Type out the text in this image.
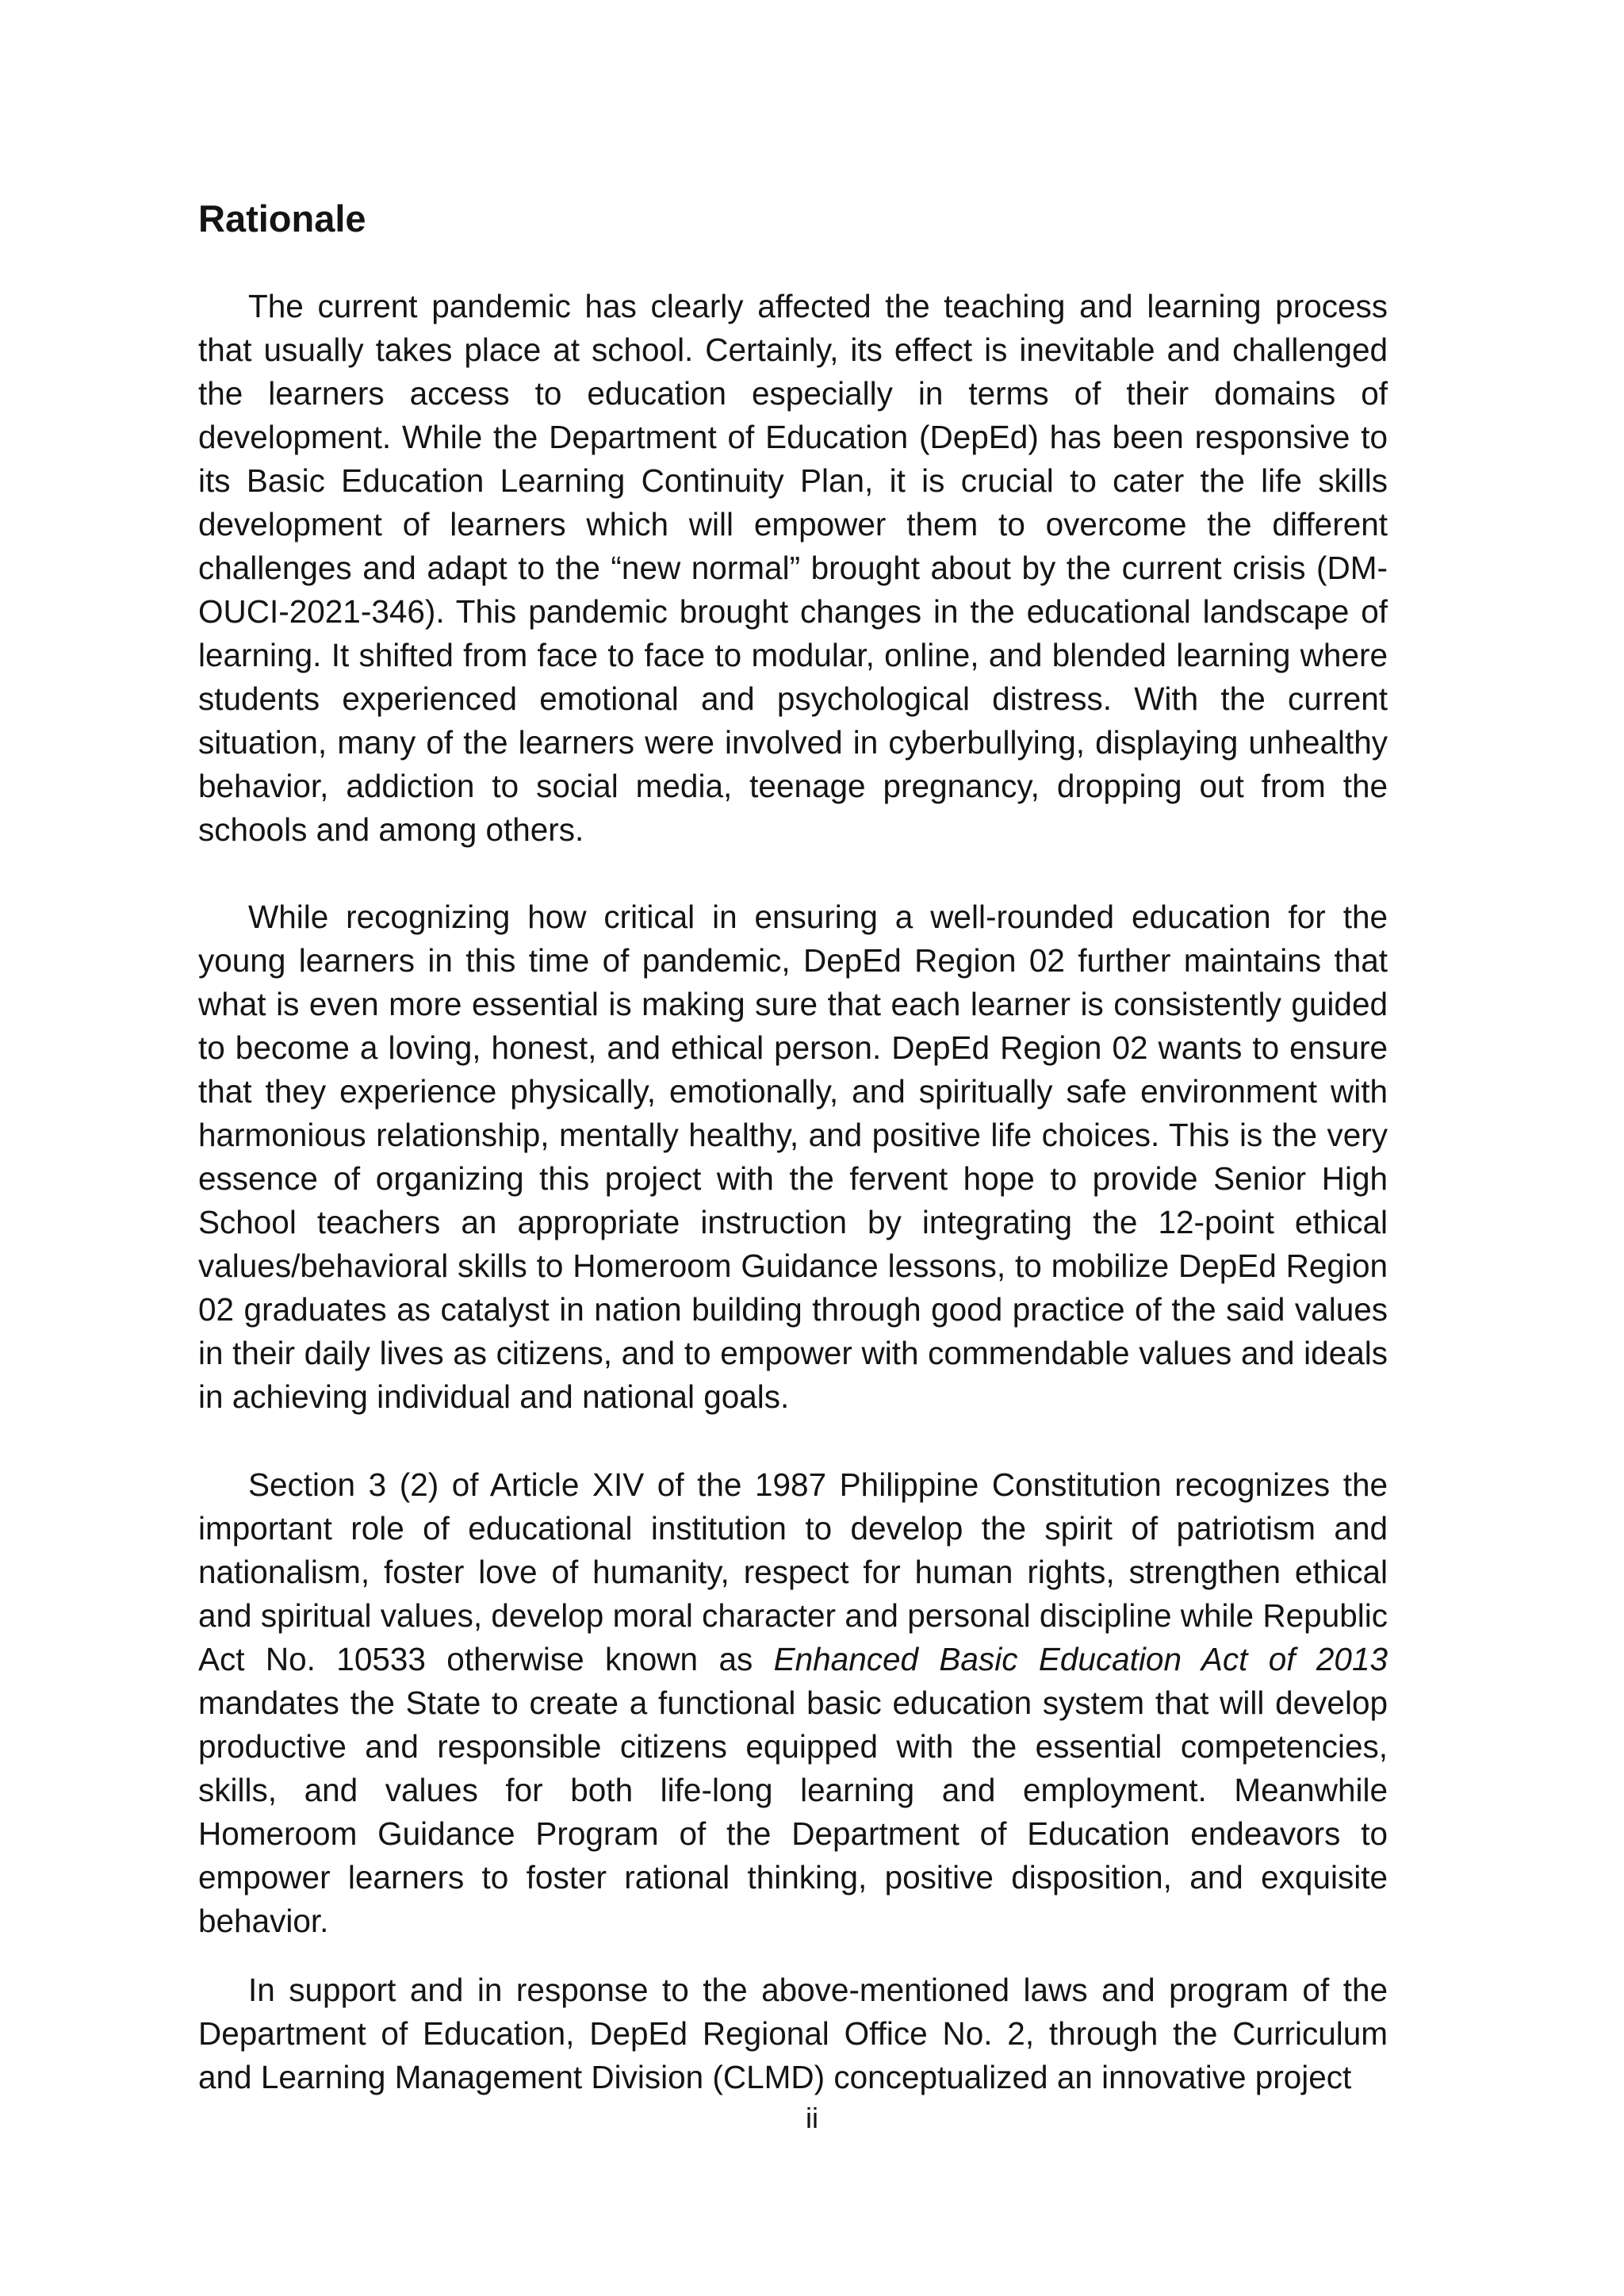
Rationale

The current pandemic has clearly affected the teaching and learning process that usually takes place at school. Certainly, its effect is inevitable and challenged the learners access to education especially in terms of their domains of development. While the Department of Education (DepEd) has been responsive to its Basic Education Learning Continuity Plan, it is crucial to cater the life skills development of learners which will empower them to overcome the different challenges and adapt to the “new normal” brought about by the current crisis (DM-OUCI-2021-346). This pandemic brought changes in the educational landscape of learning. It shifted from face to face to modular, online, and blended learning where students experienced emotional and psychological distress. With the current situation, many of the learners were involved in cyberbullying, displaying unhealthy behavior, addiction to social media, teenage pregnancy, dropping out from the schools and among others.

While recognizing how critical in ensuring a well-rounded education for the young learners in this time of pandemic, DepEd Region 02 further maintains that what is even more essential is making sure that each learner is consistently guided to become a loving, honest, and ethical person. DepEd Region 02 wants to ensure that they experience physically, emotionally, and spiritually safe environment with harmonious relationship, mentally healthy, and positive life choices. This is the very essence of organizing this project with the fervent hope to provide Senior High School teachers an appropriate instruction by integrating the 12-point ethical values/behavioral skills to Homeroom Guidance lessons, to mobilize DepEd Region 02 graduates as catalyst in nation building through good practice of the said values in their daily lives as citizens, and to empower with commendable values and ideals in achieving individual and national goals.

Section 3 (2) of Article XIV of the 1987 Philippine Constitution recognizes the important role of educational institution to develop the spirit of patriotism and nationalism, foster love of humanity, respect for human rights, strengthen ethical and spiritual values, develop moral character and personal discipline while Republic Act No. 10533 otherwise known as Enhanced Basic Education Act of 2013 mandates the State to create a functional basic education system that will develop productive and responsible citizens equipped with the essential competencies, skills, and values for both life-long learning and employment. Meanwhile Homeroom Guidance Program of the Department of Education endeavors to empower learners to foster rational thinking, positive disposition, and exquisite behavior.

In support and in response to the above-mentioned laws and program of the Department of Education, DepEd Regional Office No. 2, through the Curriculum and Learning Management Division (CLMD) conceptualized an innovative project

ii
